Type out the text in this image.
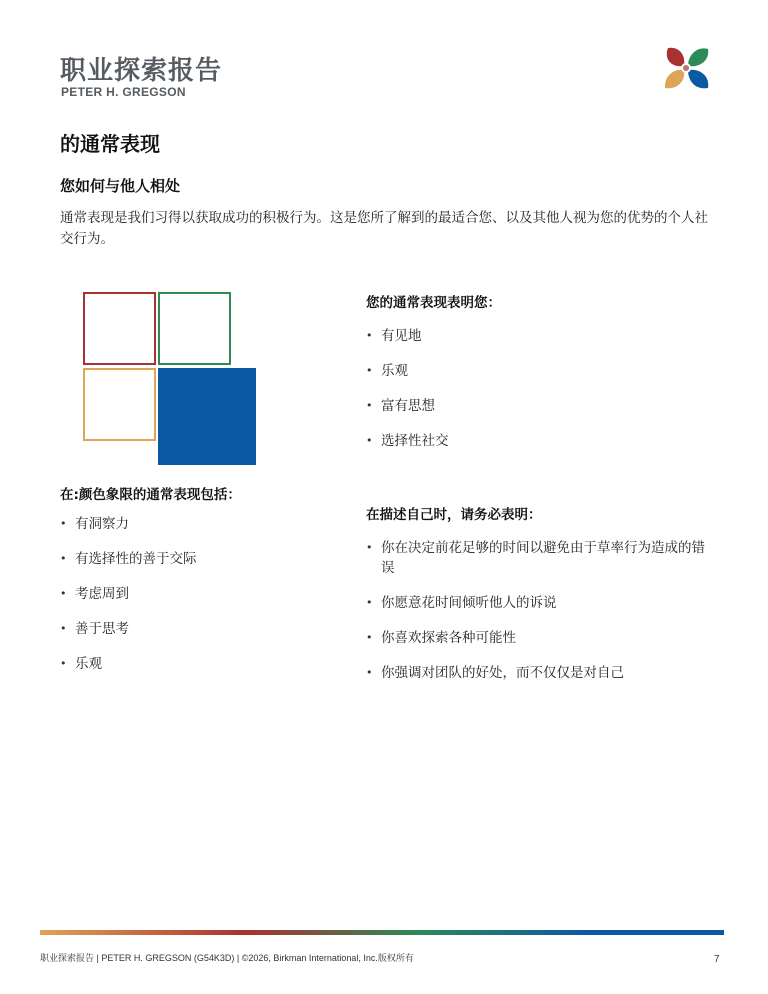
职业探索报告
PETER H. GREGSON
的通常表现
您如何与他人相处
通常表现是我们习得以获取成功的积极行为。这是您所了解到的最适合您、以及其他人视为您的优势的个人社交行为。
您的通常表现表明您：
• 有见地
• 乐观
• 富有思想
• 选择性社交
在:颜色象限的通常表现包括：
• 有洞察力
• 有选择性的善于交际
• 考虑周到
• 善于思考
• 乐观
在描述自己时，请务必表明：
• 你在决定前花足够的时间以避免由于草率行为造成的错误
• 你愿意花时间倾听他人的诉说
• 你喜欢探索各种可能性
• 你强调对团队的好处，而不仅仅是对自己
职业探索报告 | PETER H. GREGSON (G54K3D) | ©2026, Birkman International, Inc.版权所有	7
